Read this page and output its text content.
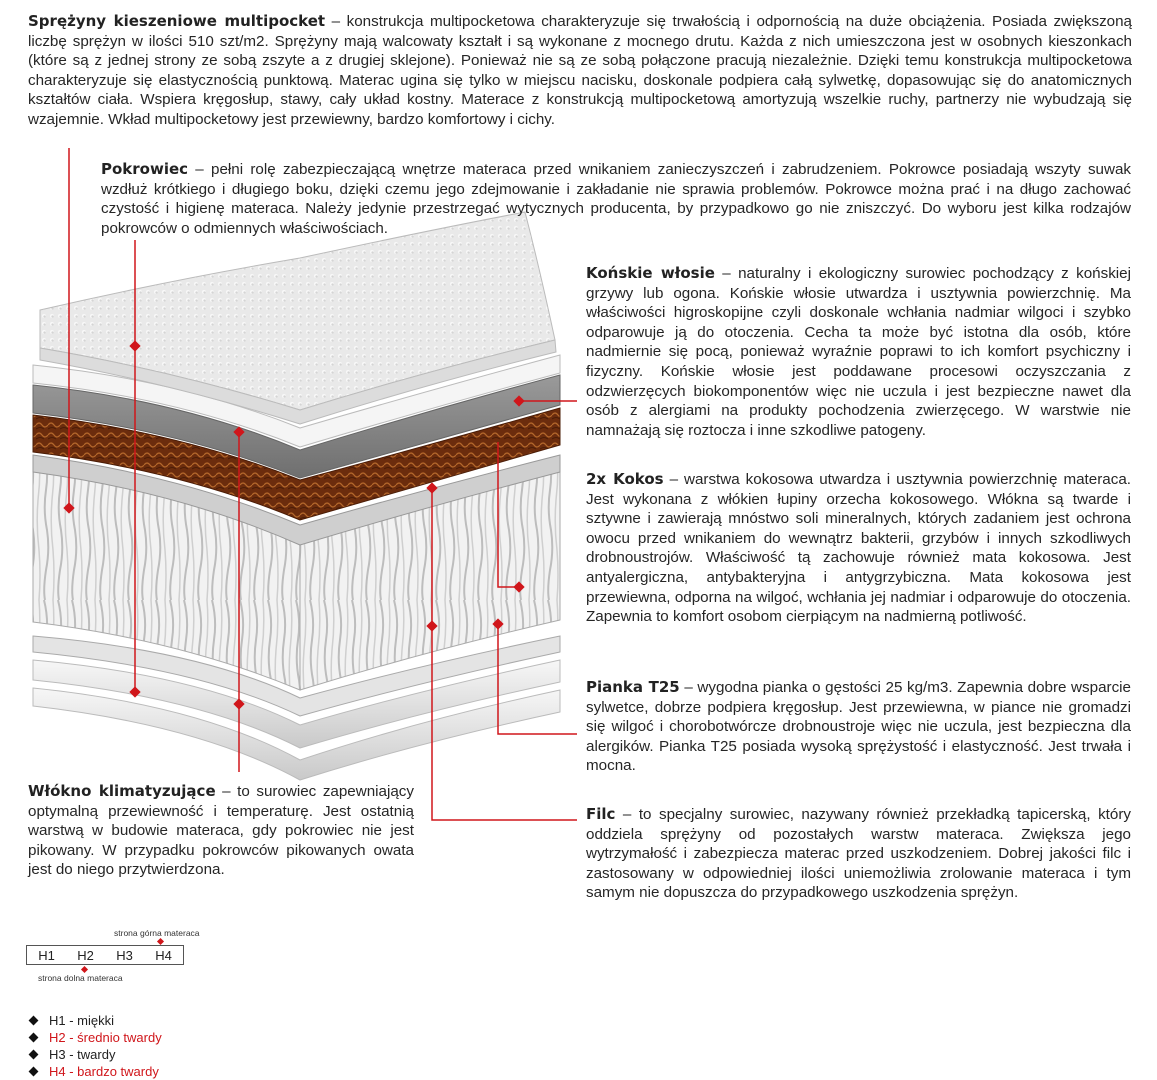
Sprężyny kieszeniowe multipocket – konstrukcja multipocketowa charakteryzuje się trwałością i odpornością na duże obciążenia. Posiada zwiększoną liczbę sprężyn w ilości 510 szt/m2. Sprężyny mają walcowaty kształt i są wykonane z mocnego drutu. Każda z nich umieszczona jest w osobnych kieszonkach (które są z jednej strony ze sobą zszyte a z drugiej sklejone). Ponieważ nie są ze sobą połączone pracują niezależnie. Dzięki temu konstrukcja multipocketowa charakteryzuje się elastycznością punktową. Materac ugina się tylko w miejscu nacisku, doskonale podpiera całą sylwetkę, dopasowując się do anatomicznych kształtów ciała. Wspiera kręgosłup, stawy, cały układ kostny. Materace z konstrukcją multipocketową amortyzują wszelkie ruchy, partnerzy nie wybudzają się wzajemnie. Wkład multipocketowy jest przewiewny, bardzo komfortowy i cichy.

Pokrowiec – pełni rolę zabezpieczającą wnętrze materaca przed wnikaniem zanieczyszczeń i zabrudzeniem. Pokrowce posiadają wszyty suwak wzdłuż krótkiego i długiego boku, dzięki czemu jego zdejmowanie i zakładanie nie sprawia problemów. Pokrowce można prać i na długo zachować czystość i higienę materaca. Należy jedynie przestrzegać wytycznych producenta, by przypadkowo go nie zniszczyć. Do wyboru jest kilka rodzajów pokrowców o odmiennych właściwościach.

Końskie włosie – naturalny i ekologiczny surowiec pochodzący z końskiej grzywy lub ogona. Końskie włosie utwardza i usztywnia powierzchnię. Ma właściwości higroskopijne czyli doskonale wchłania nadmiar wilgoci i szybko odparowuje ją do otoczenia. Cecha ta może być istotna dla osób, które nadmiernie się pocą, ponieważ wyraźnie poprawi to ich komfort psychiczny i fizyczny. Końskie włosie jest poddawane procesowi oczyszczania z odzwierzęcych biokomponentów więc nie uczula i jest bezpieczne nawet dla osób z alergiami na produkty pochodzenia zwierzęcego. W warstwie nie namnażają się roztocza i inne szkodliwe patogeny.

2x Kokos – warstwa kokosowa utwardza i usztywnia powierzchnię materaca. Jest wykonana z włókien łupiny orzecha kokosowego. Włókna są twarde i sztywne i zawierają mnóstwo soli mineralnych, których zadaniem jest ochrona owocu przed wnikaniem do wewnątrz bakterii, grzybów i innych szkodliwych drobnoustrojów. Właściwość tą zachowuje również mata kokosowa. Jest antyalergiczna, antybakteryjna i antygrzybiczna. Mata kokosowa jest przewiewna, odporna na wilgoć, wchłania jej nadmiar i odparowuje do otoczenia. Zapewnia to komfort osobom cierpiącym na nadmierną potliwość.

Pianka T25 – wygodna pianka o gęstości 25 kg/m3. Zapewnia dobre wsparcie sylwetce, dobrze podpiera kręgosłup. Jest przewiewna, w piance nie gromadzi się wilgoć i chorobotwórcze drobnoustroje więc nie uczula, jest bezpieczna dla alergików. Pianka T25 posiada wysoką sprężystość i elastyczność. Jest trwała i mocna.

Filc – to specjalny surowiec, nazywany również przekładką tapicerską, który oddziela sprężyny od pozostałych warstw materaca. Zwiększa jego wytrzymałość i zabezpiecza materac przed uszkodzeniem. Dobrej jakości filc i zastosowany w odpowiedniej ilości uniemożliwia zrolowanie materaca i tym samym nie dopuszcza do przypadkowego uszkodzenia sprężyn.

Włókno klimatyzujące – to surowiec zapewniający optymalną przewiewność i temperaturę. Jest ostatnią warstwą w budowie materaca, gdy pokrowiec nie jest pikowany. W przypadku pokrowców pikowanych owata jest do niego przytwierdzona.

strona górna materaca
H1 H2 H3 H4
strona dolna materaca
H1 - miękki
H2 - średnio twardy
H3 - twardy
H4 - bardzo twardy
